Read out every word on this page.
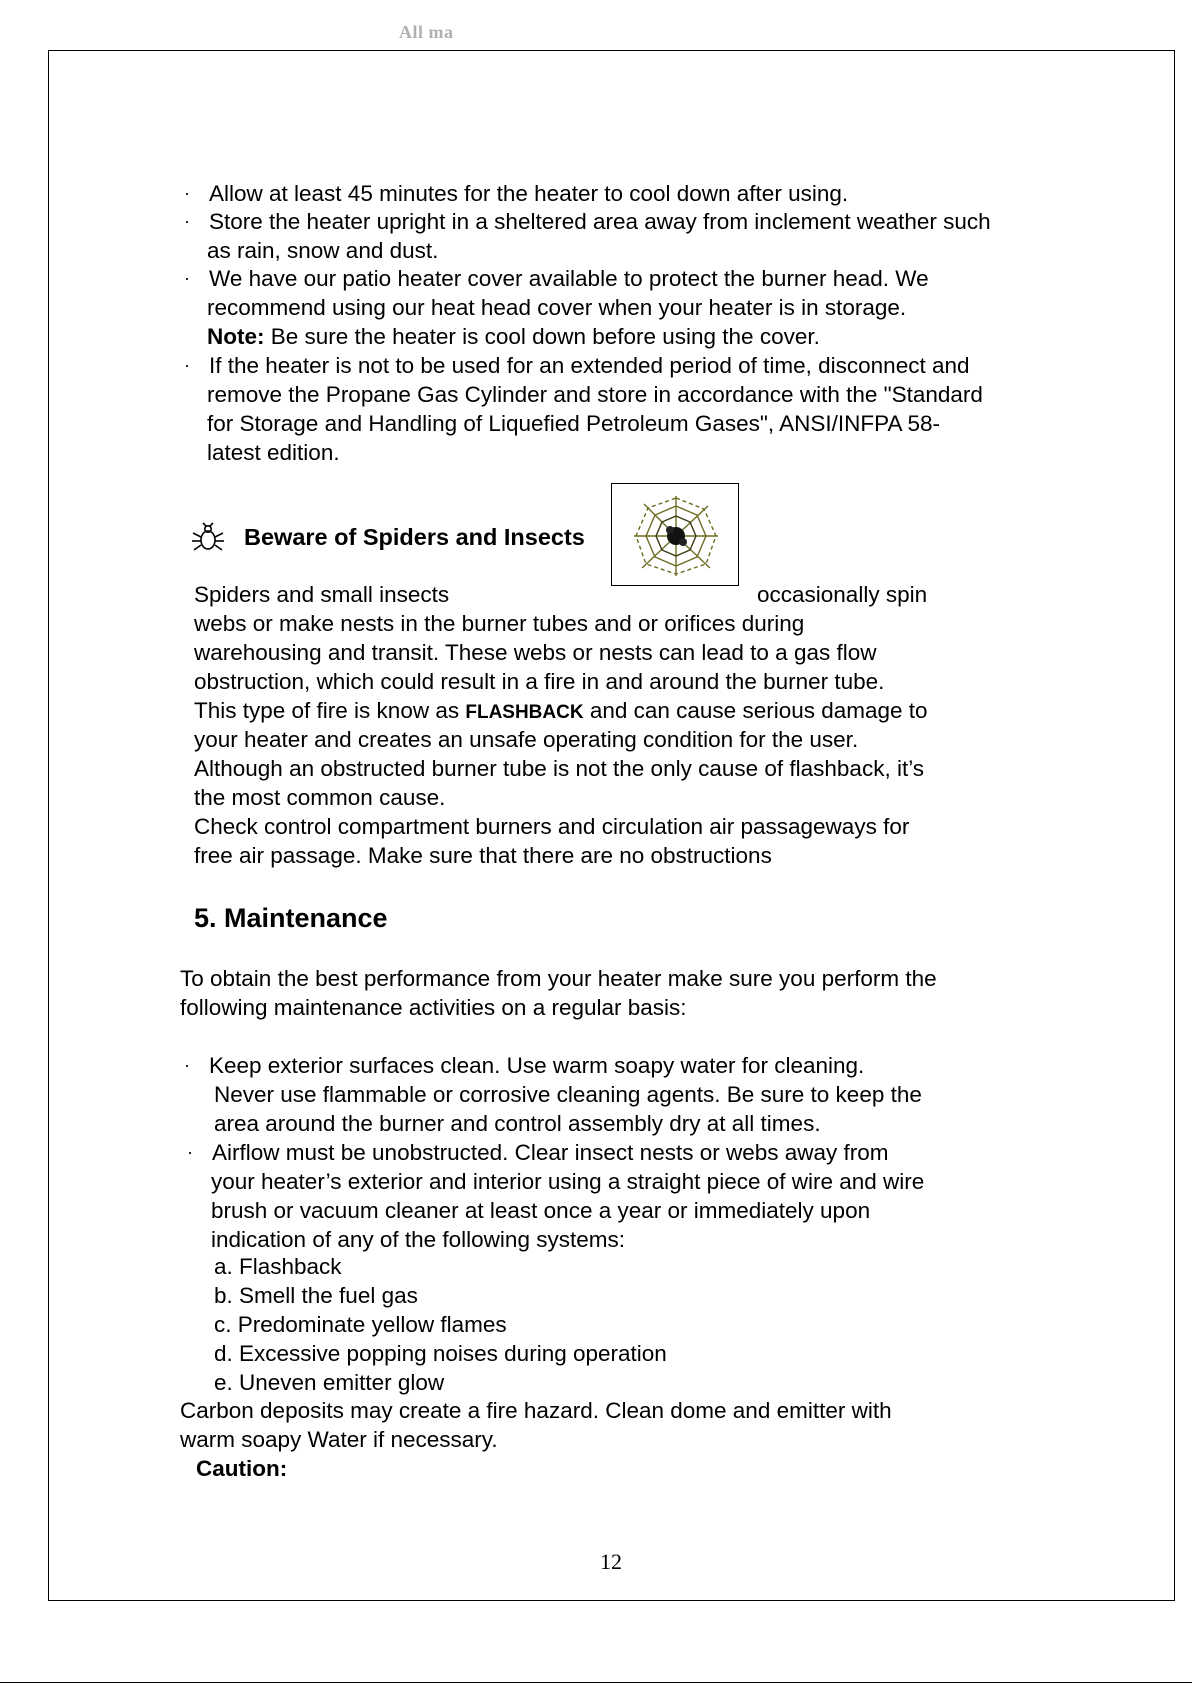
All ma
· Allow at least 45 minutes for the heater to cool down after using.
· Store the heater upright in a sheltered area away from inclement weather such
as rain, snow and dust.
· We have our patio heater cover available to protect the burner head. We
recommend using our heat head cover when your heater is in storage.
Note: Be sure the heater is cool down before using the cover.
· If the heater is not to be used for an extended period of time, disconnect and
remove the Propane Gas Cylinder and store in accordance with the "Standard
for Storage and Handling of Liquefied Petroleum Gases", ANSI/INFPA 58-
latest edition.
Beware of Spiders and Insects
Spiders and small insects	occasionally spin
webs or make nests in the burner tubes and or orifices during
warehousing and transit. These webs or nests can lead to a gas flow
obstruction, which could result in a fire in and around the burner tube.
This type of fire is know as FLASHBACK and can cause serious damage to
your heater and creates an unsafe operating condition for the user.
Although an obstructed burner tube is not the only cause of flashback, it’s
the most common cause.
Check control compartment burners and circulation air passageways for
free air passage. Make sure that there are no obstructions
5. Maintenance
To obtain the best performance from your heater make sure you perform the
following maintenance activities on a regular basis:
· Keep exterior surfaces clean. Use warm soapy water for cleaning.
Never use flammable or corrosive cleaning agents. Be sure to keep the
area around the burner and control assembly dry at all times.
· Airflow must be unobstructed. Clear insect nests or webs away from
your heater’s exterior and interior using a straight piece of wire and wire
brush or vacuum cleaner at least once a year or immediately upon
indication of any of the following systems:
a. Flashback
b. Smell the fuel gas
c. Predominate yellow flames
d. Excessive popping noises during operation
e. Uneven emitter glow
Carbon deposits may create a fire hazard. Clean dome and emitter with
warm soapy Water if necessary.
Caution:
12
